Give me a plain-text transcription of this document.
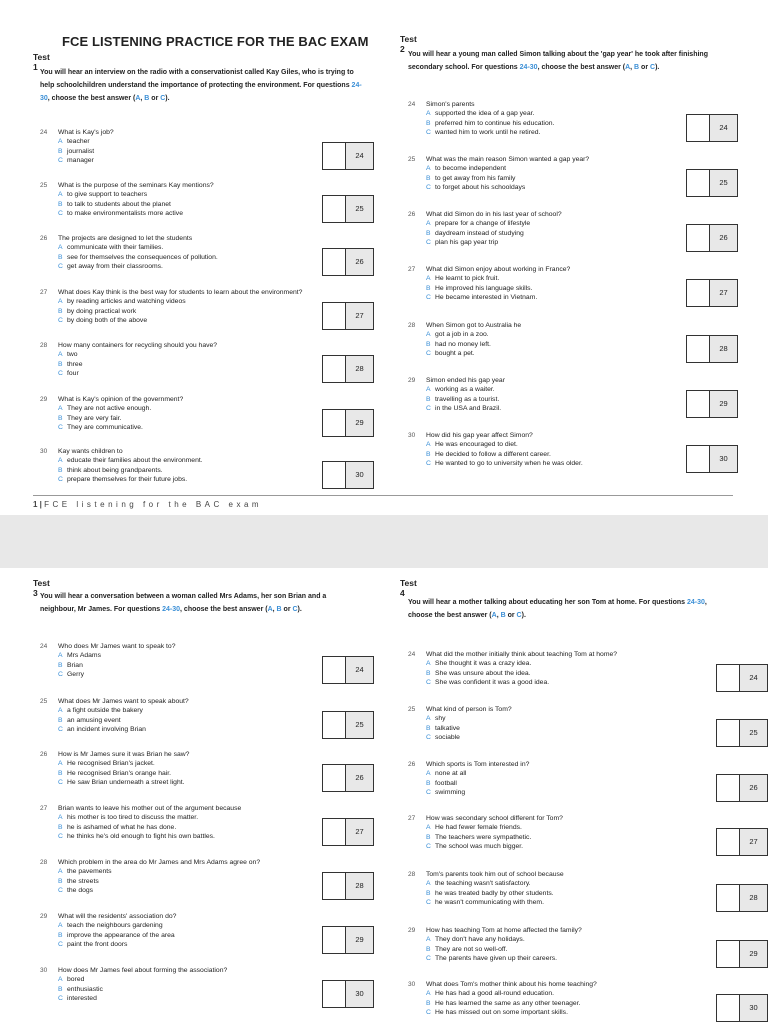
FCE LISTENING PRACTICE FOR THE BAC EXAM
Test 1
You will hear an interview on the radio with a conservationist called Kay Giles, who is trying to
help schoolchildren understand the importance of protecting the environment. For questions 24-30, choose the best answer (A, B or C).
24 What is Kay's job?
A teacher
B journalist
C manager
24
25 What is the purpose of the seminars Kay mentions?
A to give support to teachers
B to talk to students about the planet
C to make environmentalists more active
25
26 The projects are designed to let the students
A communicate with their families.
B see for themselves the consequences of pollution.
C get away from their classrooms.
26
27 What does Kay think is the best way for students to learn about the environment?
A by reading articles and watching videos
B by doing practical work
C by doing both of the above
27
28 How many containers for recycling should you have?
A two
B three
C four
28
29 What is Kay's opinion of the government?
A They are not active enough.
B They are very fair.
C They are communicative.
29
30 Kay wants children to
A educate their families about the environment.
B think about being grandparents.
C prepare themselves for their future jobs.
30
Test 2
You will hear a young man called Simon talking about the 'gap year' he took after finishing
secondary school. For questions 24-30, choose the best answer (A, B or C).
24 Simon's parents
A supported the idea of a gap year.
B preferred him to continue his education.
C wanted him to work until he retired.
24
25 What was the main reason Simon wanted a gap year?
A to become independent
B to get away from his family
C to forget about his schooldays
25
26 What did Simon do in his last year of school?
A prepare for a change of lifestyle
B daydream instead of studying
C plan his gap year trip
26
27 What did Simon enjoy about working in France?
A He learnt to pick fruit.
B He improved his language skills.
C He became interested in Vietnam.
27
28 When Simon got to Australia he
A got a job in a zoo.
B had no money left.
C bought a pet.
28
29 Simon ended his gap year
A working as a waiter.
B travelling as a tourist.
C in the USA and Brazil.
29
30 How did his gap year affect Simon?
A He was encouraged to diet.
B He decided to follow a different career.
C He wanted to go to university when he was older.
30
1 | FCE listening for the BAC exam
Test 3 You will hear a conversation between a woman called Mrs Adams, her son Brian and a
neighbour, Mr James. For questions 24-30, choose the best answer (A, B or C).
24 Who does Mr James want to speak to?
A Mrs Adams
B Brian
C Gerry
24
25 What does Mr James want to speak about?
A a fight outside the bakery
B an amusing event
C an incident involving Brian
25
26 How is Mr James sure it was Brian he saw?
A He recognised Brian's jacket.
B He recognised Brian's orange hair.
C He saw Brian underneath a street light.
26
27 Brian wants to leave his mother out of the argument because
A his mother is too tired to discuss the matter.
B he is ashamed of what he has done.
C he thinks he's old enough to fight his own battles.
27
28 Which problem in the area do Mr James and Mrs Adams agree on?
A the pavements
B the streets
C the dogs
28
29 What will the residents' association do?
A teach the neighbours gardening
B improve the appearance of the area
C paint the front doors
29
30 How does Mr James feel about forming the association?
A bored
B enthusiastic
C interested
30
Test 4
You will hear a mother talking about educating her son Tom at home. For questions 24-30,
choose the best answer (A, B or C).
24 What did the mother initially think about teaching Tom at home?
A She thought it was a crazy idea.
B She was unsure about the idea.
C She was confident it was a good idea.
24
25 What kind of person is Tom?
A shy
B talkative
C sociable
25
26 Which sports is Tom interested in?
A none at all
B football
C swimming
26
27 How was secondary school different for Tom?
A He had fewer female friends.
B The teachers were sympathetic.
C The school was much bigger.
27
28 Tom's parents took him out of school because
A the teaching wasn't satisfactory.
B he was treated badly by other students.
C he wasn't communicating with them.
28
29 How has teaching Tom at home affected the family?
A They don't have any holidays.
B They are not so well-off.
C The parents have given up their careers.
29
30 What does Tom's mother think about his home teaching?
A He has had a good all-round education.
B He has learned the same as any other teenager.
C He has missed out on some important skills.
30
